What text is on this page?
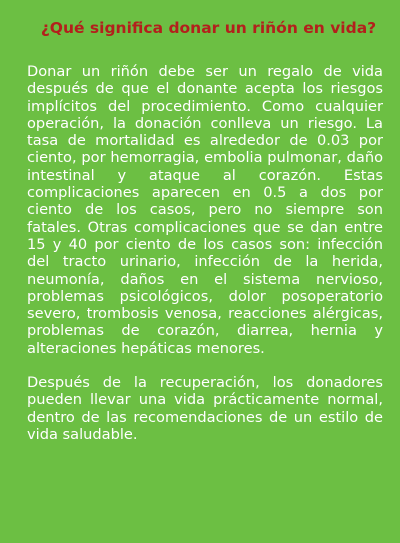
¿Qué significa donar un riñón en vida?

Donar un riñón debe ser un regalo de vida después de que el donante acepta los riesgos implícitos del procedimiento. Como cualquier operación, la donación conlleva un riesgo. La tasa de mortalidad es alrededor de 0.03 por ciento, por hemorragia, embolia pulmonar, daño intestinal y ataque al corazón. Estas complicaciones aparecen en 0.5 a dos por ciento de los casos, pero no siempre son fatales. Otras complicaciones que se dan entre 15 y 40 por ciento de los casos son: infección del tracto urinario, infección de la herida, neumonía, daños en el sistema nervioso, problemas psicológicos, dolor posoperatorio severo, trombosis venosa, reacciones alérgicas, problemas de corazón, diarrea, hernia y alteraciones hepáticas menores.

Después de la recuperación, los donadores pueden llevar una vida prácticamente normal, dentro de las recomendaciones de un estilo de vida saludable.
